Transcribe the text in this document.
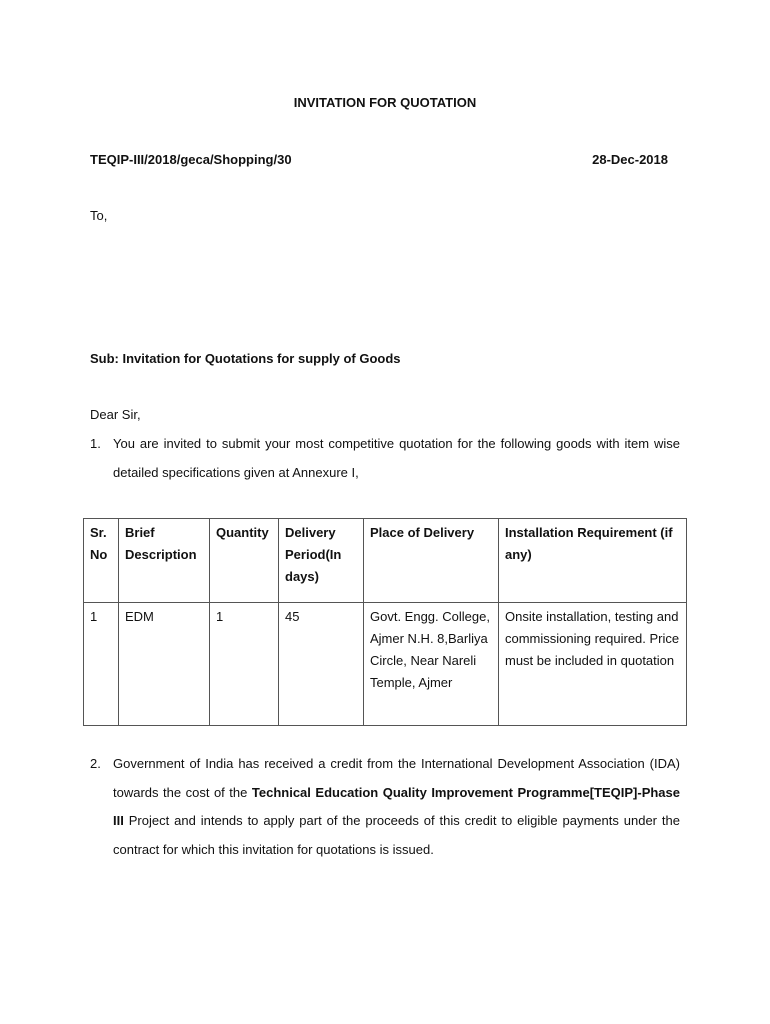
INVITATION FOR QUOTATION
TEQIP-III/2018/geca/Shopping/30	28-Dec-2018
To,
Sub: Invitation for Quotations for supply of Goods
Dear Sir,
1. You are invited to submit your most competitive quotation for the following goods with item wise detailed specifications given at Annexure I,
Sr. No	Brief Description	Quantity	Delivery Period(In days)	Place of Delivery	Installation Requirement (if any)
1	EDM	1	45	Govt. Engg. College, Ajmer N.H. 8,Barliya Circle, Near Nareli Temple, Ajmer	Onsite installation, testing and commissioning required. Price must be included in quotation
2. Government of India has received a credit from the International Development Association (IDA) towards the cost of the Technical Education Quality Improvement Programme[TEQIP]-Phase III Project and intends to apply part of the proceeds of this credit to eligible payments under the contract for which this invitation for quotations is issued.
